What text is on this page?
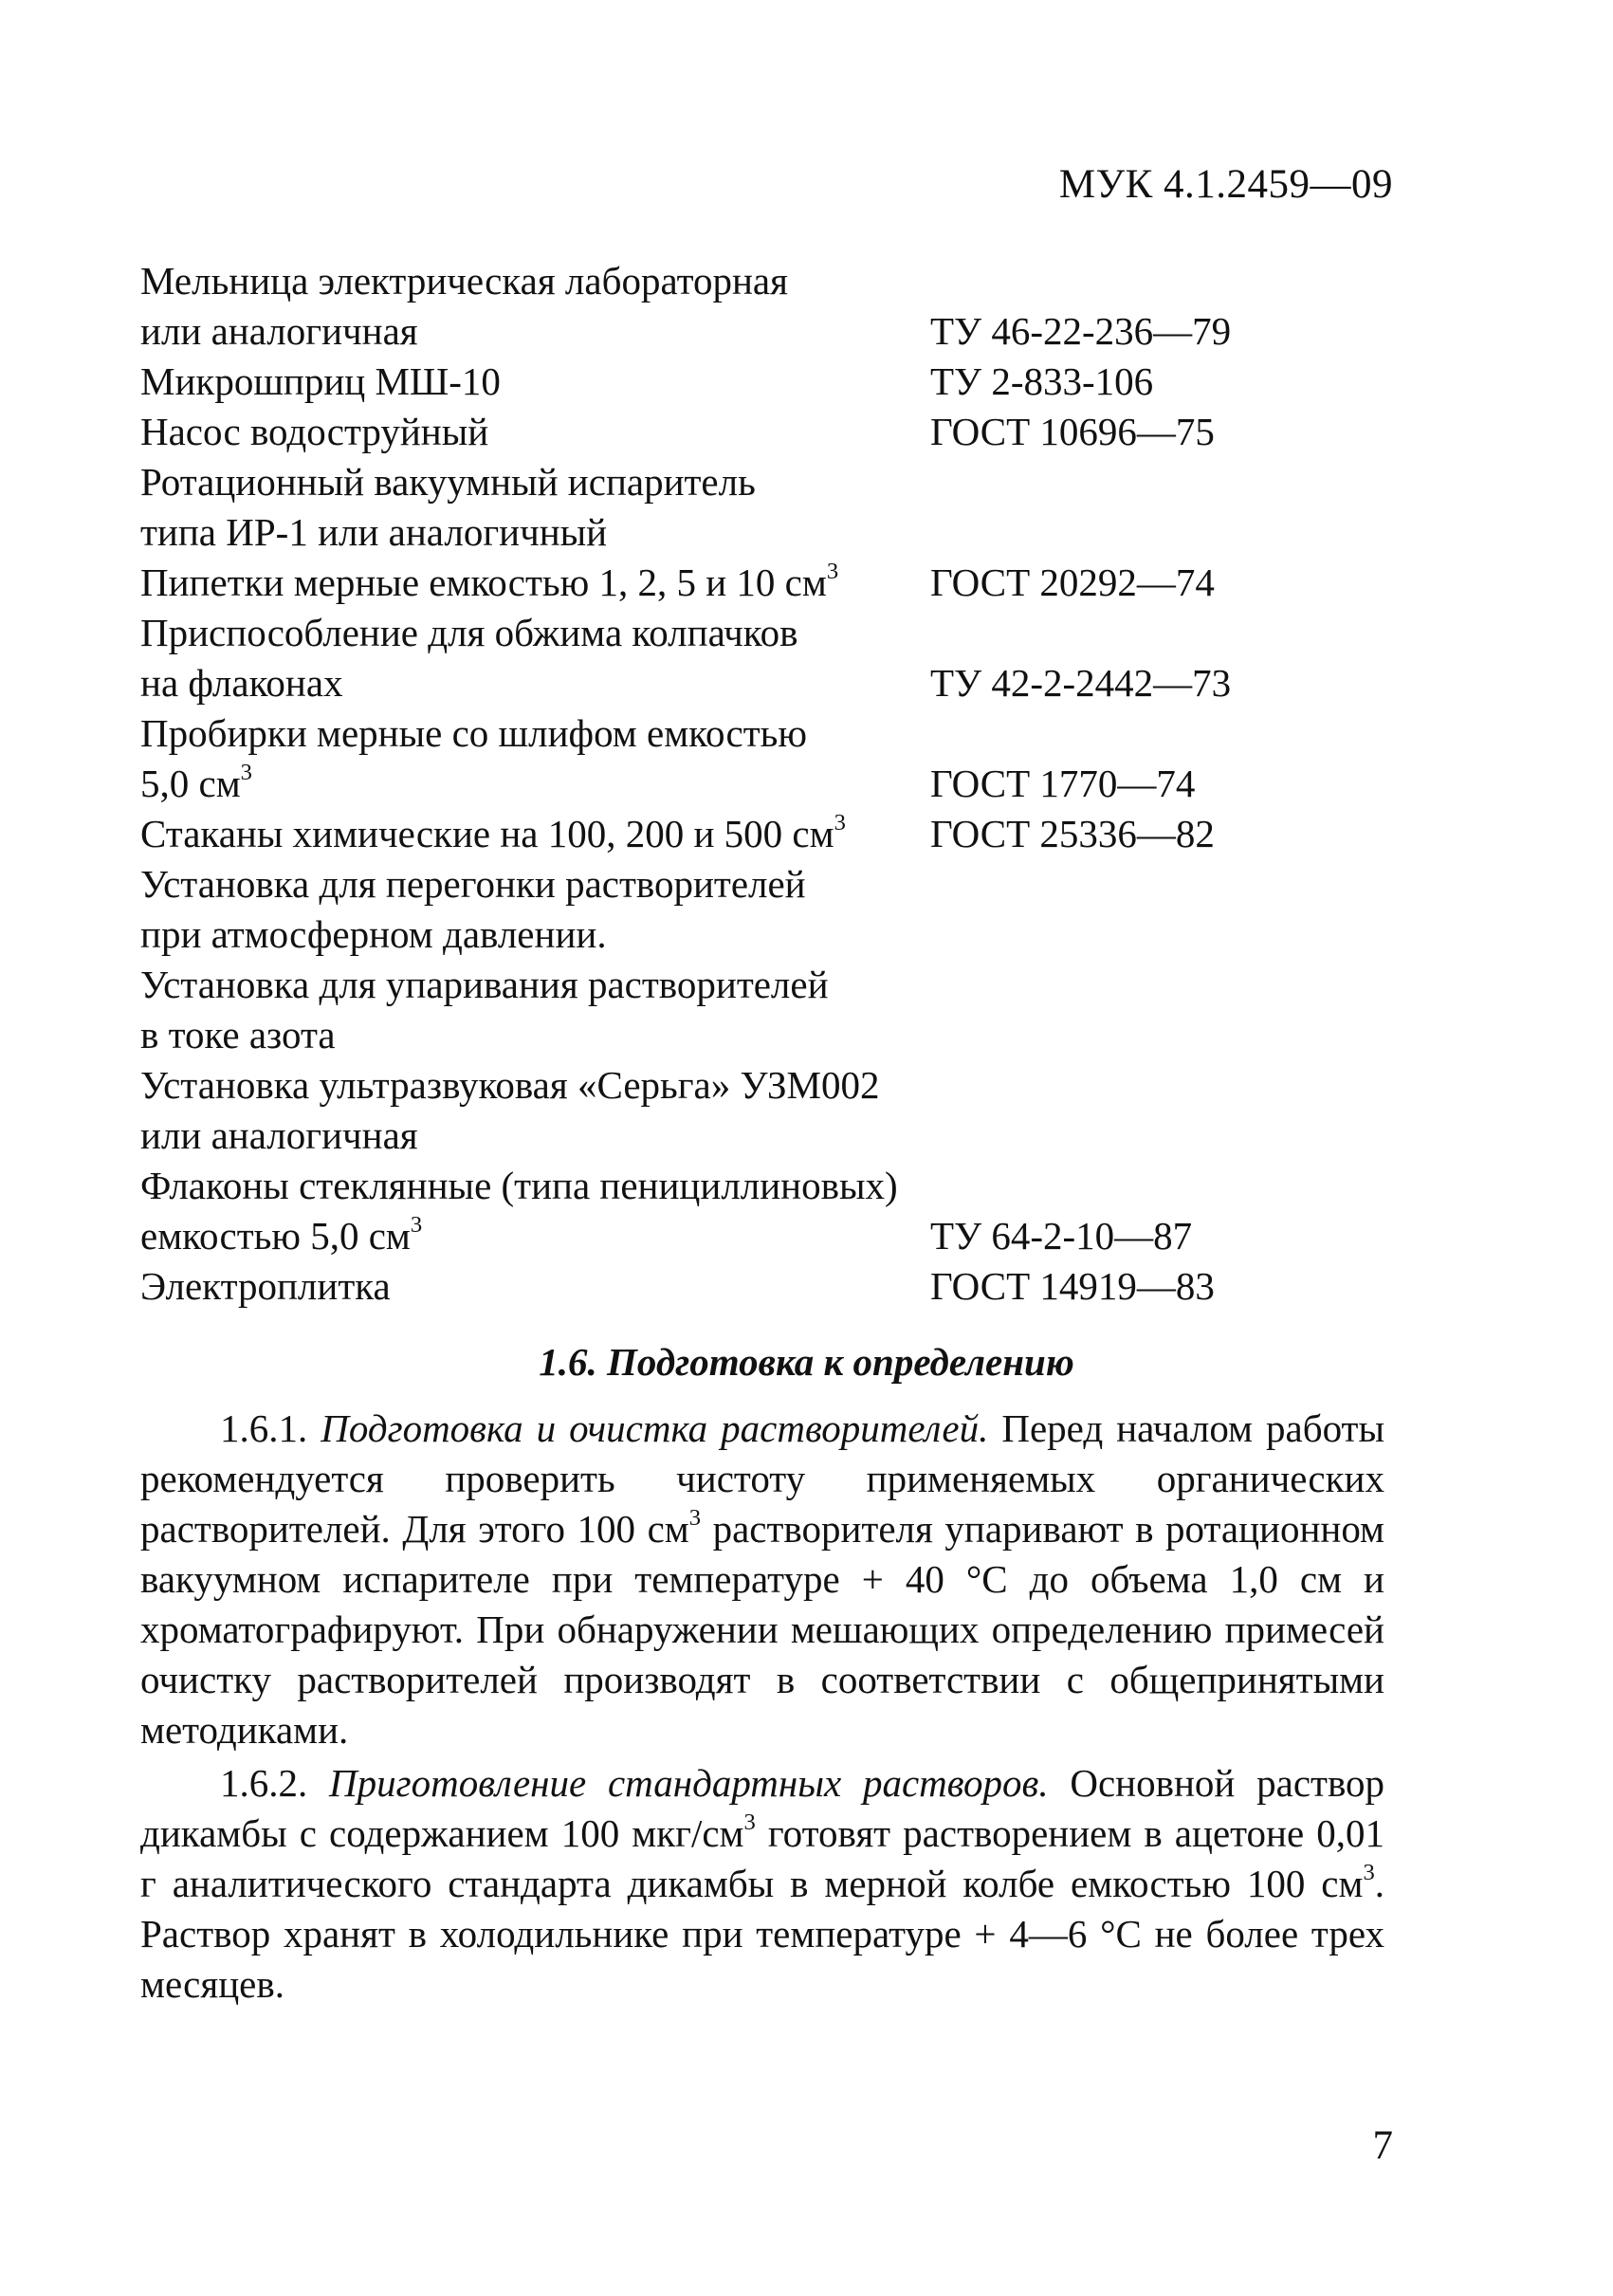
МУК 4.1.2459—09
Мельница электрическая лабораторная
или аналогичная	ТУ 46-22-236—79
Микрошприц МШ-10	ТУ 2-833-106
Насос водоструйный	ГОСТ 10696—75
Ротационный вакуумный испаритель
типа ИР-1 или аналогичный
Пипетки мерные емкостью 1, 2, 5 и 10 $см^3$	ГОСТ 20292—74
Приспособление для обжима колпачков
на флаконах	ТУ 42-2-2442—73
Пробирки мерные со шлифом емкостью
5,0 $см^3$	ГОСТ 1770—74
Стаканы химические на 100, 200 и 500 $см^3$	ГОСТ 25336—82
Установка для перегонки растворителей
при атмосферном давлении.
Установка для упаривания растворителей
в токе азота
Установка ультразвуковая «Серьга» УЗМ002
или аналогичная
Флаконы стеклянные (типа пенициллиновых)
емкостью 5,0 $см^3$	ТУ 64-2-10—87
Электроплитка	ГОСТ 14919—83
1.6. Подготовка к определению

1.6.1. Подготовка и очистка растворителей. Перед началом работы рекомендуется проверить чистоту применяемых органических растворителей. Для этого 100 $см^3$ растворителя упаривают в ротационном вакуумном испарителе при температуре + 40 °С до объема 1,0 см и хроматографируют. При обнаружении мешающих определению примесей очистку растворителей производят в соответствии с общепринятыми методиками.

1.6.2. Приготовление стандартных растворов. Основной раствор дикамбы с содержанием 100 мкг/$см^3$ готовят растворением в ацетоне 0,01 г аналитического стандарта дикамбы в мерной колбе емкостью 100 $см^3$. Раствор хранят в холодильнике при температуре + 4—6 °С не более трех месяцев.

7
